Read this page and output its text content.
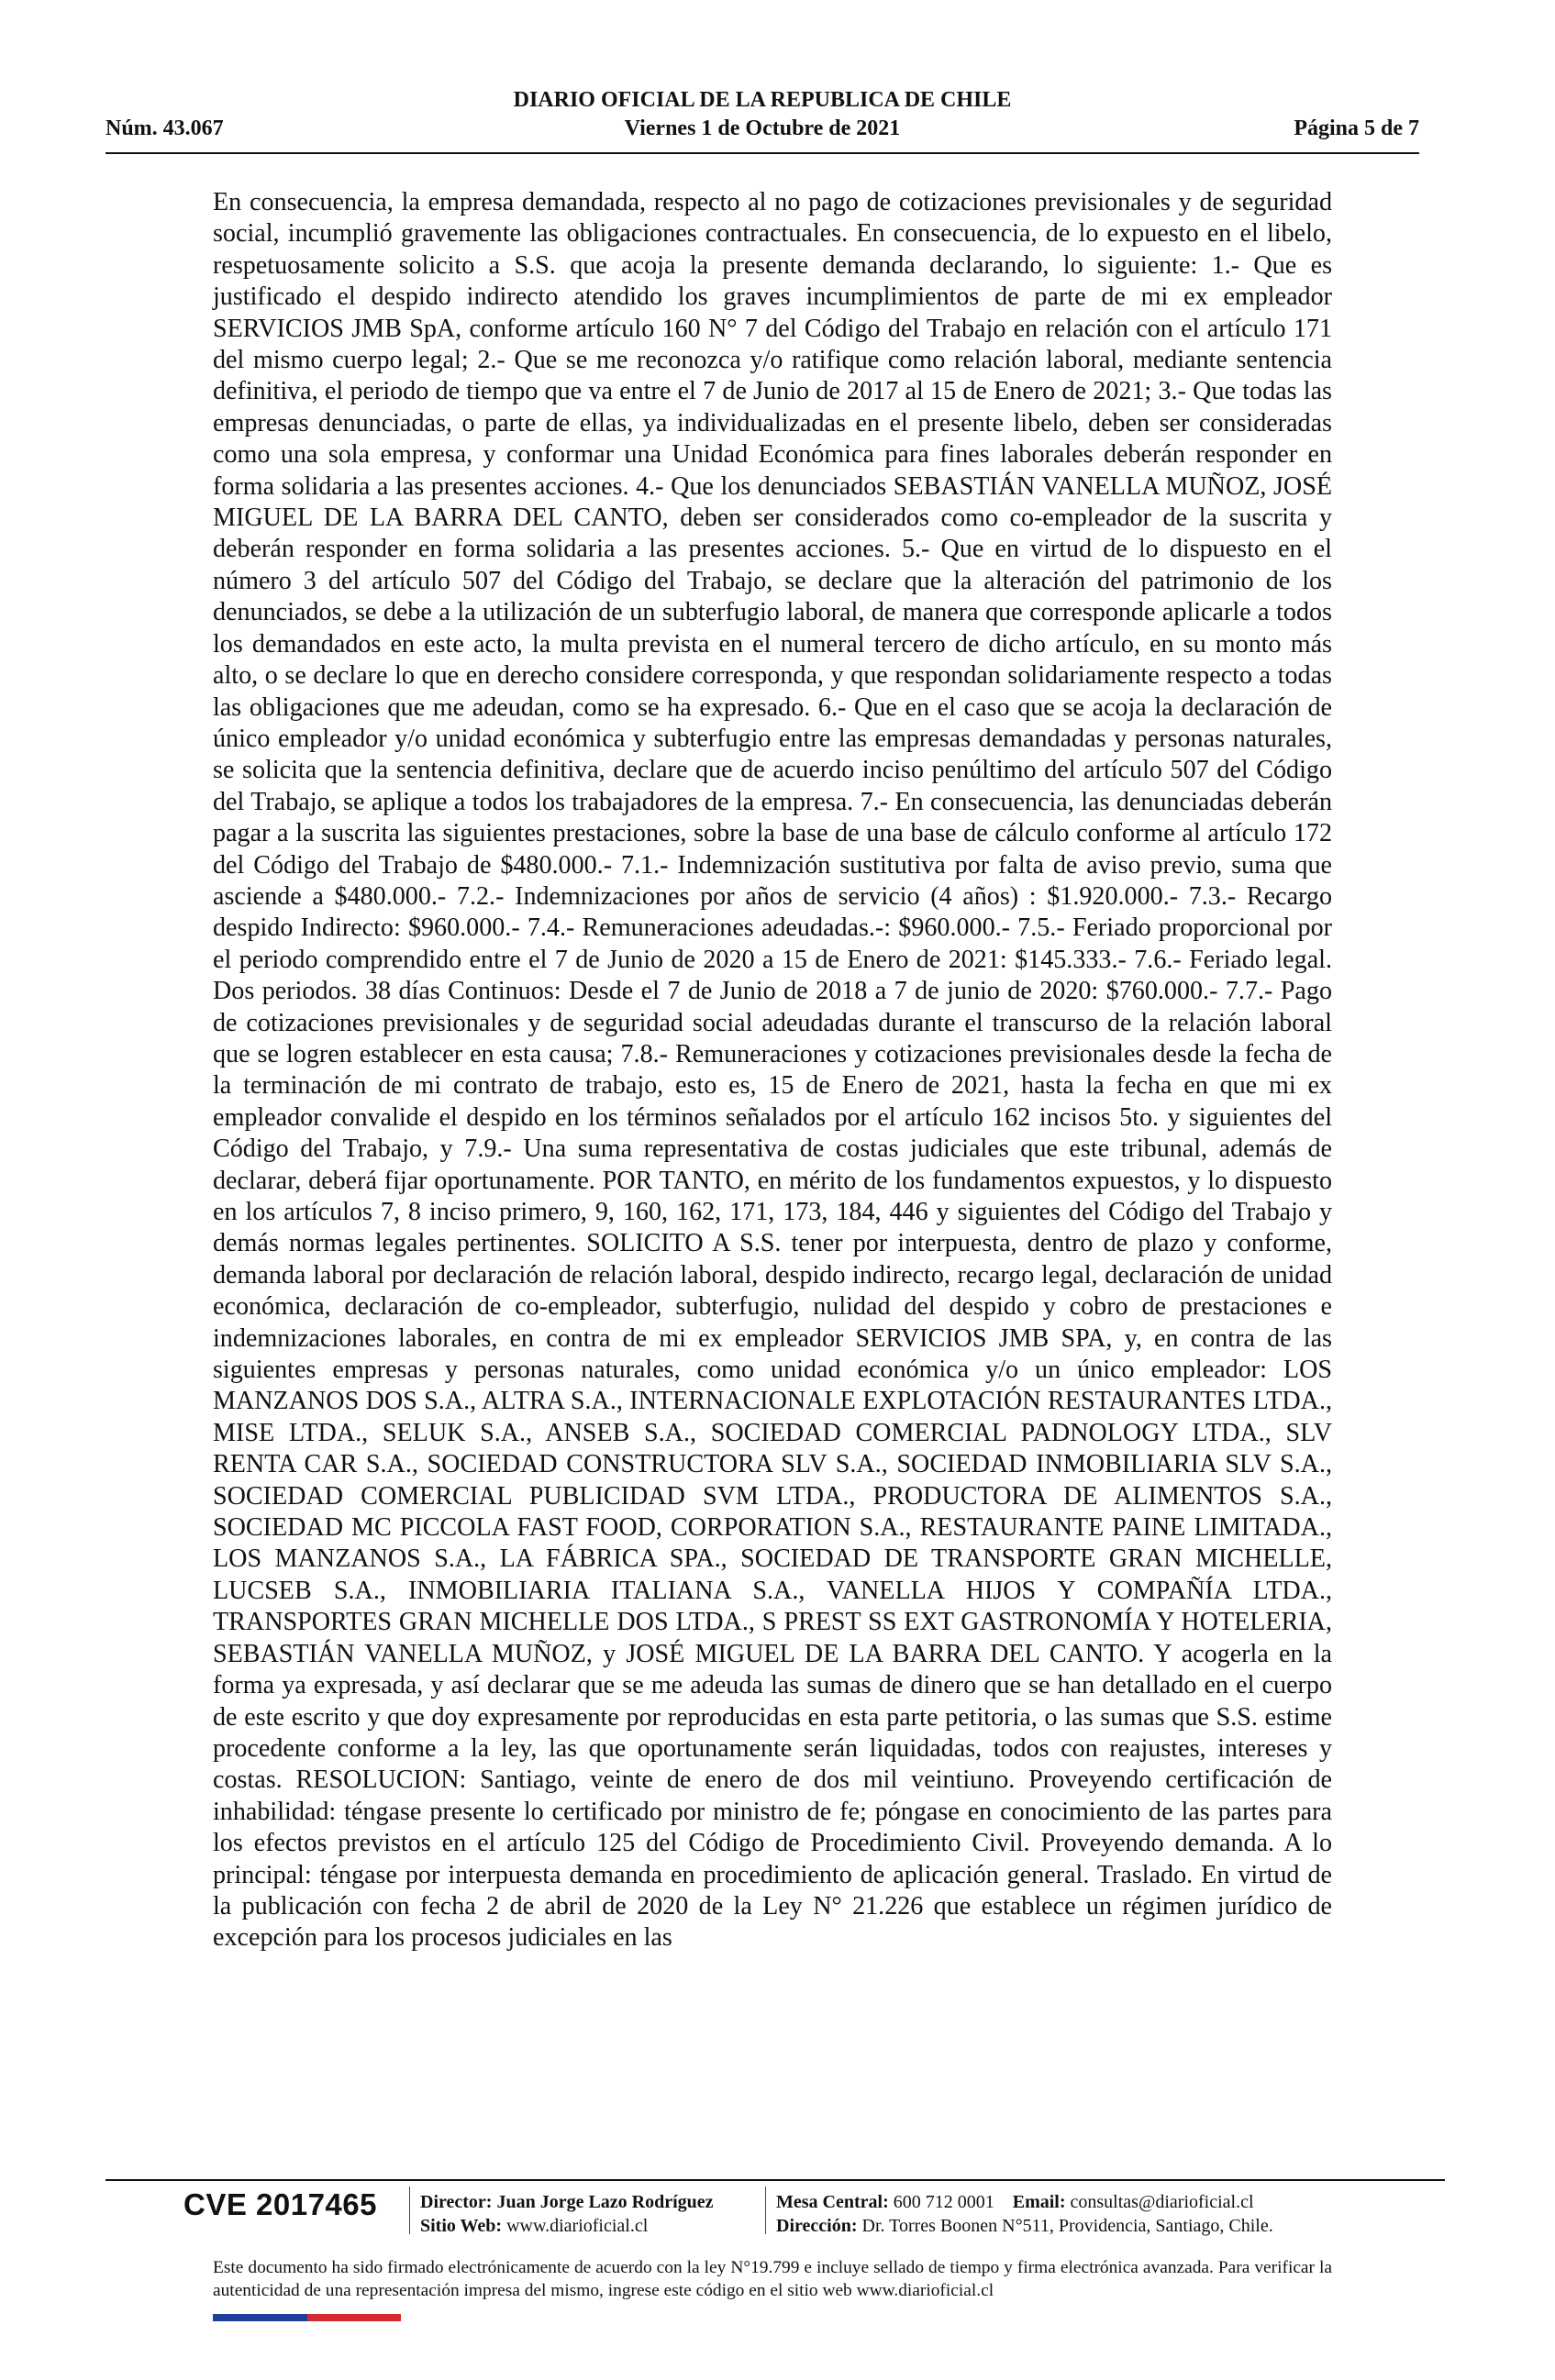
DIARIO OFICIAL DE LA REPUBLICA DE CHILE
Núm. 43.067	Viernes 1 de Octubre de 2021	Página 5 de 7

En consecuencia, la empresa demandada, respecto al no pago de cotizaciones previsionales y de seguridad social, incumplió gravemente las obligaciones contractuales. En consecuencia, de lo expuesto en el libelo, respetuosamente solicito a S.S. que acoja la presente demanda declarando, lo siguiente: 1.- Que es justificado el despido indirecto atendido los graves incumplimientos de parte de mi ex empleador SERVICIOS JMB SpA, conforme artículo 160 N° 7 del Código del Trabajo en relación con el artículo 171 del mismo cuerpo legal; 2.- Que se me reconozca y/o ratifique como relación laboral, mediante sentencia definitiva, el periodo de tiempo que va entre el 7 de Junio de 2017 al 15 de Enero de 2021; 3.- Que todas las empresas denunciadas, o parte de ellas, ya individualizadas en el presente libelo, deben ser consideradas como una sola empresa, y conformar una Unidad Económica para fines laborales deberán responder en forma solidaria a las presentes acciones. 4.- Que los denunciados SEBASTIÁN VANELLA MUÑOZ, JOSÉ MIGUEL DE LA BARRA DEL CANTO, deben ser considerados como co-empleador de la suscrita y deberán responder en forma solidaria a las presentes acciones. 5.- Que en virtud de lo dispuesto en el número 3 del artículo 507 del Código del Trabajo, se declare que la alteración del patrimonio de los denunciados, se debe a la utilización de un subterfugio laboral, de manera que corresponde aplicarle a todos los demandados en este acto, la multa prevista en el numeral tercero de dicho artículo, en su monto más alto, o se declare lo que en derecho considere corresponda, y que respondan solidariamente respecto a todas las obligaciones que me adeudan, como se ha expresado. 6.- Que en el caso que se acoja la declaración de único empleador y/o unidad económica y subterfugio entre las empresas demandadas y personas naturales, se solicita que la sentencia definitiva, declare que de acuerdo inciso penúltimo del artículo 507 del Código del Trabajo, se aplique a todos los trabajadores de la empresa. 7.- En consecuencia, las denunciadas deberán pagar a la suscrita las siguientes prestaciones, sobre la base de una base de cálculo conforme al artículo 172 del Código del Trabajo de $480.000.- 7.1.- Indemnización sustitutiva por falta de aviso previo, suma que asciende a $480.000.- 7.2.- Indemnizaciones por años de servicio (4 años) : $1.920.000.- 7.3.- Recargo despido Indirecto: $960.000.- 7.4.- Remuneraciones adeudadas.-: $960.000.- 7.5.- Feriado proporcional por el periodo comprendido entre el 7 de Junio de 2020 a 15 de Enero de 2021: $145.333.- 7.6.- Feriado legal. Dos periodos. 38 días Continuos: Desde el 7 de Junio de 2018 a 7 de junio de 2020: $760.000.- 7.7.- Pago de cotizaciones previsionales y de seguridad social adeudadas durante el transcurso de la relación laboral que se logren establecer en esta causa; 7.8.- Remuneraciones y cotizaciones previsionales desde la fecha de la terminación de mi contrato de trabajo, esto es, 15 de Enero de 2021, hasta la fecha en que mi ex empleador convalide el despido en los términos señalados por el artículo 162 incisos 5to. y siguientes del Código del Trabajo, y 7.9.- Una suma representativa de costas judiciales que este tribunal, además de declarar, deberá fijar oportunamente. POR TANTO, en mérito de los fundamentos expuestos, y lo dispuesto en los artículos 7, 8 inciso primero, 9, 160, 162, 171, 173, 184, 446 y siguientes del Código del Trabajo y demás normas legales pertinentes. SOLICITO A S.S. tener por interpuesta, dentro de plazo y conforme, demanda laboral por declaración de relación laboral, despido indirecto, recargo legal, declaración de unidad económica, declaración de co-empleador, subterfugio, nulidad del despido y cobro de prestaciones e indemnizaciones laborales, en contra de mi ex empleador SERVICIOS JMB SPA, y, en contra de las siguientes empresas y personas naturales, como unidad económica y/o un único empleador: LOS MANZANOS DOS S.A., ALTRA S.A., INTERNACIONALE EXPLOTACIÓN RESTAURANTES LTDA., MISE LTDA., SELUK S.A., ANSEB S.A., SOCIEDAD COMERCIAL PADNOLOGY LTDA., SLV RENTA CAR S.A., SOCIEDAD CONSTRUCTORA SLV S.A., SOCIEDAD INMOBILIARIA SLV S.A., SOCIEDAD COMERCIAL PUBLICIDAD SVM LTDA., PRODUCTORA DE ALIMENTOS S.A., SOCIEDAD MC PICCOLA FAST FOOD, CORPORATION S.A., RESTAURANTE PAINE LIMITADA., LOS MANZANOS S.A., LA FÁBRICA SPA., SOCIEDAD DE TRANSPORTE GRAN MICHELLE, LUCSEB S.A., INMOBILIARIA ITALIANA S.A., VANELLA HIJOS Y COMPAÑÍA LTDA., TRANSPORTES GRAN MICHELLE DOS LTDA., S PREST SS EXT GASTRONOMÍA Y HOTELERIA, SEBASTIÁN VANELLA MUÑOZ, y JOSÉ MIGUEL DE LA BARRA DEL CANTO. Y acogerla en la forma ya expresada, y así declarar que se me adeuda las sumas de dinero que se han detallado en el cuerpo de este escrito y que doy expresamente por reproducidas en esta parte petitoria, o las sumas que S.S. estime procedente conforme a la ley, las que oportunamente serán liquidadas, todos con reajustes, intereses y costas. RESOLUCION: Santiago, veinte de enero de dos mil veintiuno. Proveyendo certificación de inhabilidad: téngase presente lo certificado por ministro de fe; póngase en conocimiento de las partes para los efectos previstos en el artículo 125 del Código de Procedimiento Civil. Proveyendo demanda. A lo principal: téngase por interpuesta demanda en procedimiento de aplicación general. Traslado. En virtud de la publicación con fecha 2 de abril de 2020 de la Ley N° 21.226 que establece un régimen jurídico de excepción para los procesos judiciales en las

CVE 2017465 Director: Juan Jorge Lazo Rodríguez
Sitio Web: www.diarioficial.cl
Mesa Central: 600 712 0001 Email: consultas@diarioficial.cl
Dirección: Dr. Torres Boonen N°511, Providencia, Santiago, Chile.
Este documento ha sido firmado electrónicamente de acuerdo con la ley N°19.799 e incluye sellado de tiempo y firma electrónica avanzada. Para verificar la autenticidad de una representación impresa del mismo, ingrese este código en el sitio web www.diarioficial.cl
